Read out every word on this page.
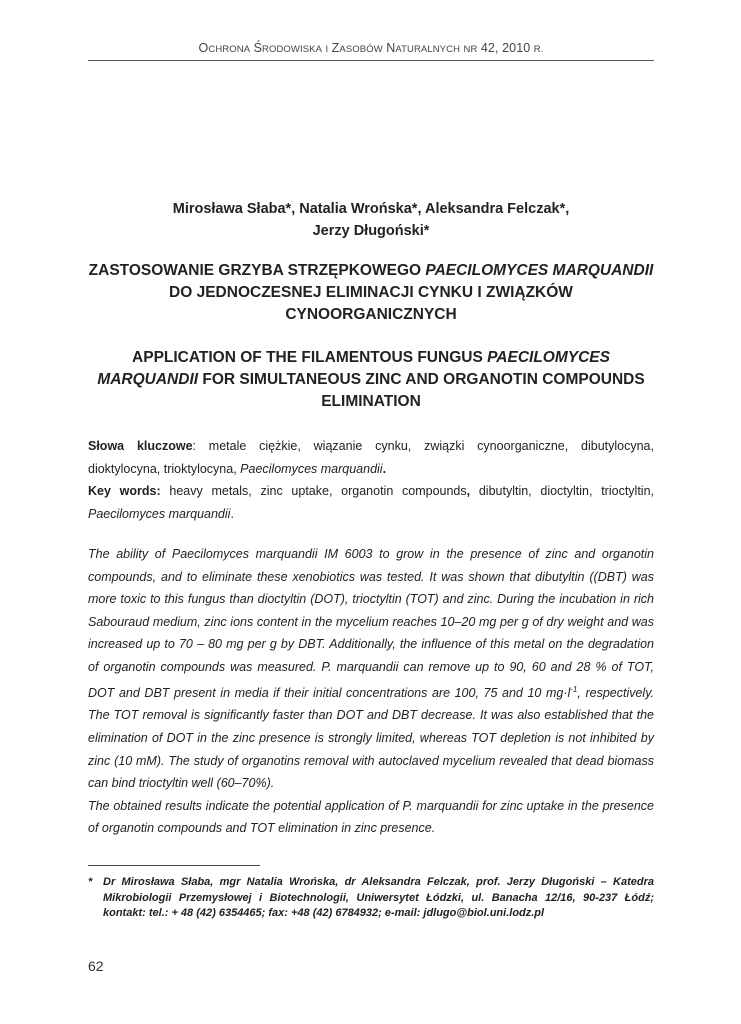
OCHRONA ŚRODOWISKA I ZASOBÓW NATURALNYCH NR 42, 2010 R.
Mirosława Słaba*, Natalia Wrońska*, Aleksandra Felczak*,
Jerzy Długoński*
ZASTOSOWANIE GRZYBA STRZĘPKOWEGO PAECILOMYCES MARQUANDII DO JEDNOCZESNEJ ELIMINACJI CYNKU I ZWIĄZKÓW CYNOORGANICZNYCH
APPLICATION OF THE FILAMENTOUS FUNGUS PAECILOMYCES MARQUANDII FOR SIMULTANEOUS ZINC AND ORGANOTIN COMPOUNDS ELIMINATION

Słowa kluczowe: metale ciężkie, wiązanie cynku, związki cynoorganiczne, dibutylocyna, dioktylocyna, trioktylocyna, Paecilomyces marquandii.

Key words: heavy metals, zinc uptake, organotin compounds, dibutyltin, dioctyltin, trioctyltin, Paecilomyces marquandii.

The ability of Paecilomyces marquandii IM 6003 to grow in the presence of zinc and organotin compounds, and to eliminate these xenobiotics was tested. It was shown that dibutyltin ((DBT) was more toxic to this fungus than dioctyltin (DOT), trioctyltin (TOT) and zinc. During the incubation in rich Sabouraud medium, zinc ions content in the mycelium reaches 10–20 mg per g of dry weight and was increased up to 70 – 80 mg per g by DBT. Additionally, the influence of this metal on the degradation of organotin compounds was measured. P. marquandii can remove up to 90, 60 and 28 % of TOT, DOT and DBT present in media if their initial concentrations are 100, 75 and 10 $mg\cdot l^{-1}$, respectively. The TOT removal is significantly faster than DOT and DBT decrease. It was also established that the elimination of DOT in the zinc presence is strongly limited, whereas TOT depletion is not inhibited by zinc (10 mM). The study of organotins removal with autoclaved mycelium revealed that dead biomass can bind trioctyltin well (60–70%).

The obtained results indicate the potential application of P. marquandii for zinc uptake in the presence of organotin compounds and TOT elimination in zinc presence.

* Dr Mirosława Słaba, mgr Natalia Wrońska, dr Aleksandra Felczak, prof. Jerzy Długoński – Katedra Mikrobiologii Przemysłowej i Biotechnologii, Uniwersytet Łódzki, ul. Banacha 12/16, 90-237 Łódź; kontakt: tel.: + 48 (42) 6354465; fax: +48 (42) 6784932; e-mail: jdlugo@biol.uni.lodz.pl
62
